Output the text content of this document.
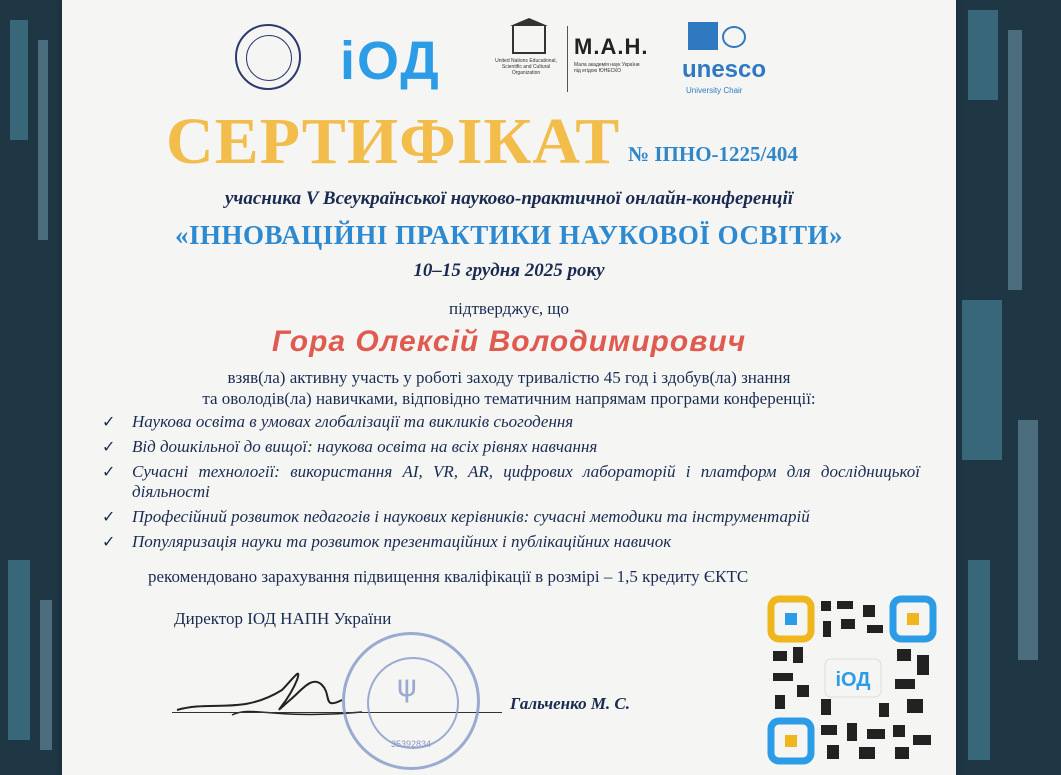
іОД	United Nations Educational, Scientific and Cultural Organization
М.А.Н.
Мала академія наук України під егідою ЮНЕСКО	unesco
University Chair
СЕРТИФІКАТ № ІПНО-1225/404
учасника V Всеукраїнської науково-практичної онлайн-конференції
«ІННОВАЦІЙНІ ПРАКТИКИ НАУКОВОЇ ОСВІТИ»
10–15 грудня 2025 року
підтверджує, що
Гора Олексій Володимирович
взяв(ла) активну участь у роботі заходу тривалістю 45 год і здобув(ла) знання
та оволодів(ла) навичками, відповідно тематичним напрямам програми конференції:
✓ Наукова освіта в умовах глобалізації та викликів сьогодення
✓ Від дошкільної до вищої: наукова освіта на всіх рівнях навчання
✓ Сучасні технології: використання AI, VR, AR, цифрових лабораторій і платформ для дослідницької діяльності
✓ Професійний розвиток педагогів і наукових керівників: сучасні методики та інструментарій
✓ Популяризація науки та розвиток презентаційних і публікаційних навичок
рекомендовано зарахування підвищення кваліфікації в розмірі – 1,5 кредиту ЄКТС
Директор ІОД НАПН України
ψ
35392834
Гальченко М. С.
іОД
